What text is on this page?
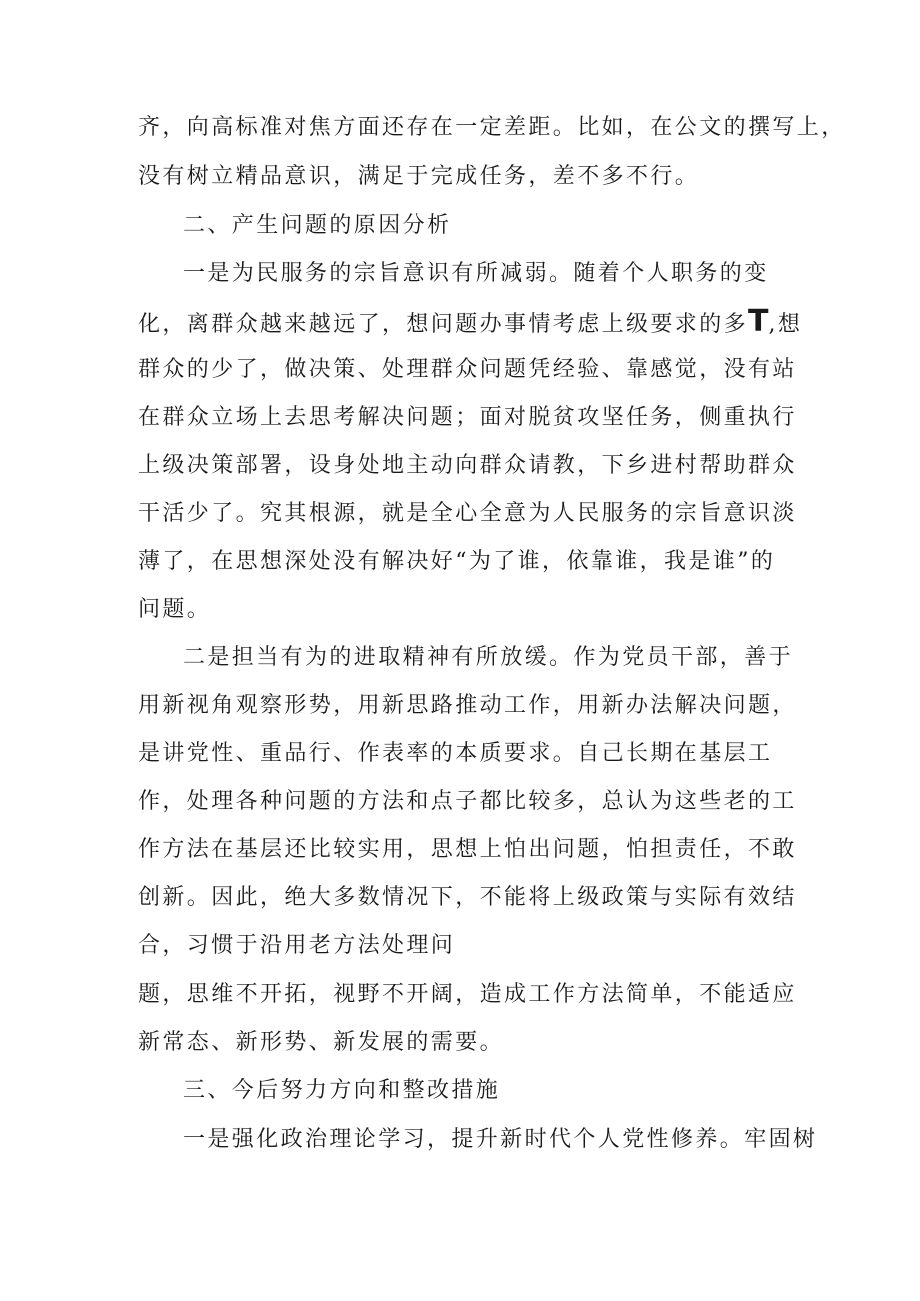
齐，向高标准对焦方面还存在一定差距。比如，在公文的撰写上，
没有树立精品意识，满足于完成任务，差不多不行。
二、产生问题的原因分析
一是为民服务的宗旨意识有所减弱。随着个人职务的变
化，离群众越来越远了，想问题办事情考虑上级要求的多T,想
群众的少了，做决策、处理群众问题凭经验、靠感觉，没有站
在群众立场上去思考解决问题；面对脱贫攻坚任务，侧重执行
上级决策部署，设身处地主动向群众请教，下乡进村帮助群众
干活少了。究其根源，就是全心全意为人民服务的宗旨意识淡
薄了，在思想深处没有解决好“为了谁，依靠谁，我是谁”的
问题。
二是担当有为的进取精神有所放缓。作为党员干部，善于
用新视角观察形势，用新思路推动工作，用新办法解决问题，
是讲党性、重品行、作表率的本质要求。自己长期在基层工
作，处理各种问题的方法和点子都比较多，总认为这些老的工
作方法在基层还比较实用，思想上怕出问题，怕担责任，不敢
创新。因此，绝大多数情况下，不能将上级政策与实际有效结
合，习惯于沿用老方法处理问
题，思维不开拓，视野不开阔，造成工作方法简单，不能适应
新常态、新形势、新发展的需要。
三、今后努力方向和整改措施
一是强化政治理论学习，提升新时代个人党性修养。牢固树
